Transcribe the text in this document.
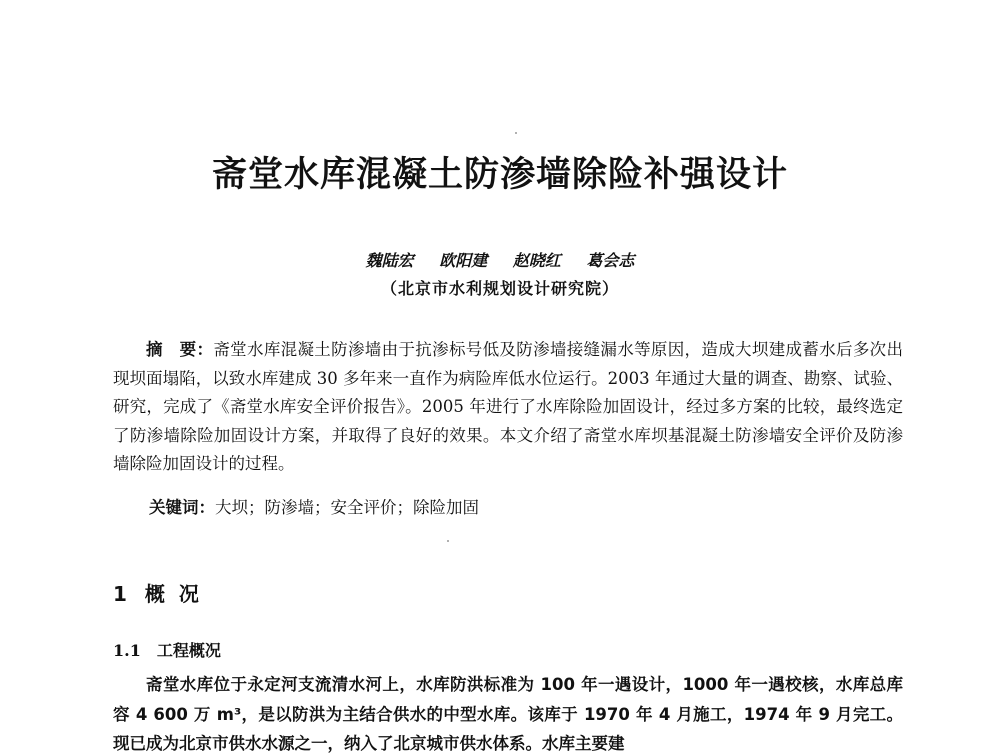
斋堂水库混凝土防渗墙除险补强设计
魏陆宏 欧阳建 赵晓红 葛会志
（北京市水利规划设计研究院）
摘　要：斋堂水库混凝土防渗墙由于抗渗标号低及防渗墙接缝漏水等原因，造成大坝建成蓄水后多次出现坝面塌陷，以致水库建成 30 多年来一直作为病险库低水位运行。2003 年通过大量的调查、勘察、试验、研究，完成了《斋堂水库安全评价报告》。2005 年进行了水库除险加固设计，经过多方案的比较，最终选定了防渗墙除险加固设计方案，并取得了良好的效果。本文介绍了斋堂水库坝基混凝土防渗墙安全评价及防渗墙除险加固设计的过程。
关键词：大坝；防渗墙；安全评价；除险加固
1 概况
1.1 工程概况
斋堂水库位于永定河支流清水河上，水库防洪标准为 100 年一遇设计，1000 年一遇校核，水库总库容 4 600 万 m³，是以防洪为主结合供水的中型水库。该库于 1970 年 4 月施工，1974 年 9 月完工。现已成为北京市供水水源之一，纳入了北京城市供水体系。水库主要建
